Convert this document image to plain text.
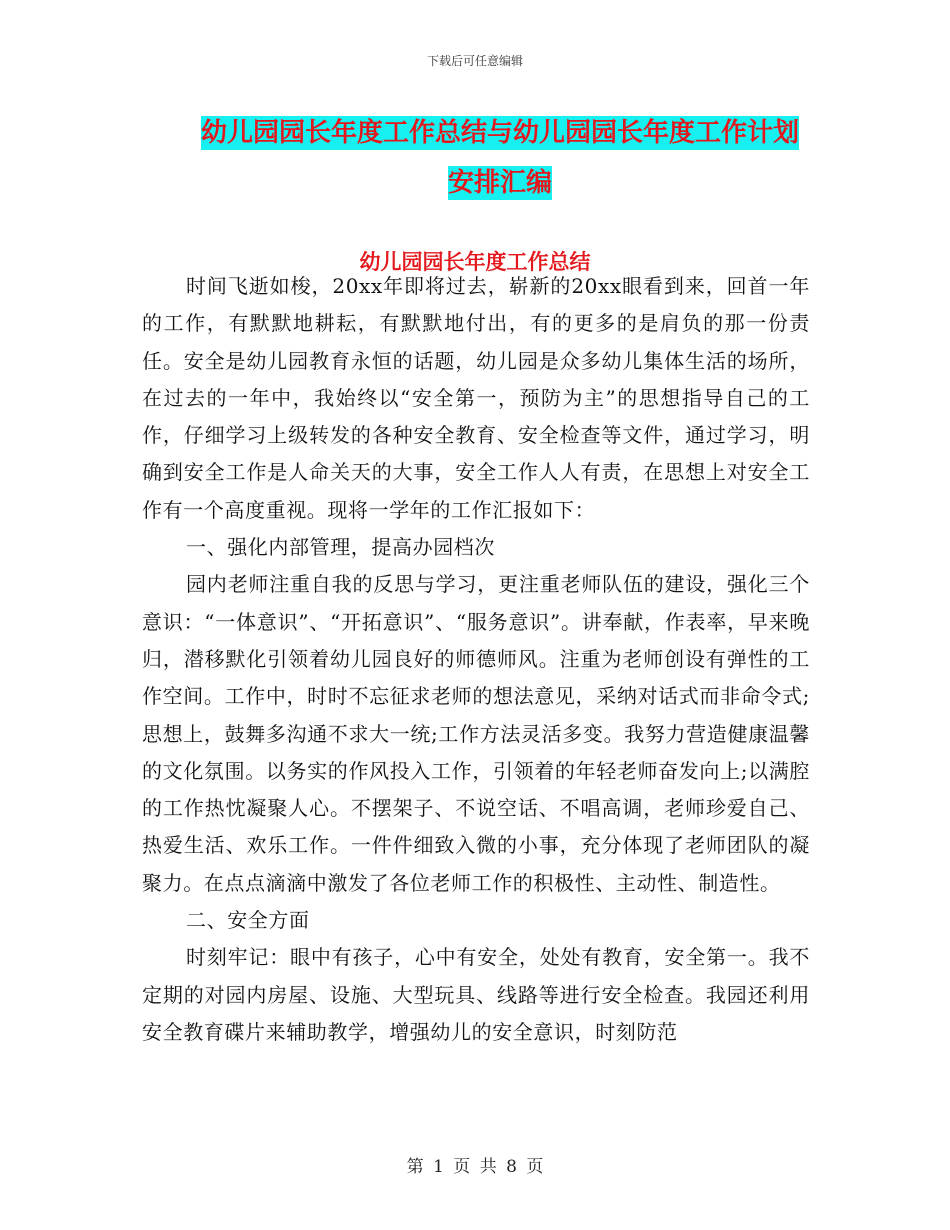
下载后可任意编辑
幼儿园园长年度工作总结与幼儿园园长年度工作计划
安排汇编
幼儿园园长年度工作总结

时间飞逝如梭，20xx年即将过去，崭新的20xx眼看到来，回首一年的工作，有默默地耕耘，有默默地付出，有的更多的是肩负的那一份责任。安全是幼儿园教育永恒的话题，幼儿园是众多幼儿集体生活的场所，在过去的一年中，我始终以“安全第一，预防为主”的思想指导自己的工作，仔细学习上级转发的各种安全教育、安全检查等文件，通过学习，明确到安全工作是人命关天的大事，安全工作人人有责，在思想上对安全工作有一个高度重视。现将一学年的工作汇报如下：

一、强化内部管理，提高办园档次

园内老师注重自我的反思与学习，更注重老师队伍的建设，强化三个意识：“一体意识”、“开拓意识”、“服务意识”。讲奉献，作表率，早来晚归，潜移默化引领着幼儿园良好的师德师风。注重为老师创设有弹性的工作空间。工作中，时时不忘征求老师的想法意见，采纳对话式而非命令式;思想上，鼓舞多沟通不求大一统;工作方法灵活多变。我努力营造健康温馨的文化氛围。以务实的作风投入工作，引领着的年轻老师奋发向上;以满腔的工作热忱凝聚人心。不摆架子、不说空话、不唱高调，老师珍爱自己、热爱生活、欢乐工作。一件件细致入微的小事，充分体现了老师团队的凝聚力。在点点滴滴中激发了各位老师工作的积极性、主动性、制造性。

二、安全方面

时刻牢记：眼中有孩子，心中有安全，处处有教育，安全第一。我不定期的对园内房屋、设施、大型玩具、线路等进行安全检查。我园还利用安全教育碟片来辅助教学，增强幼儿的安全意识，时刻防范

第 1 页 共 8 页
